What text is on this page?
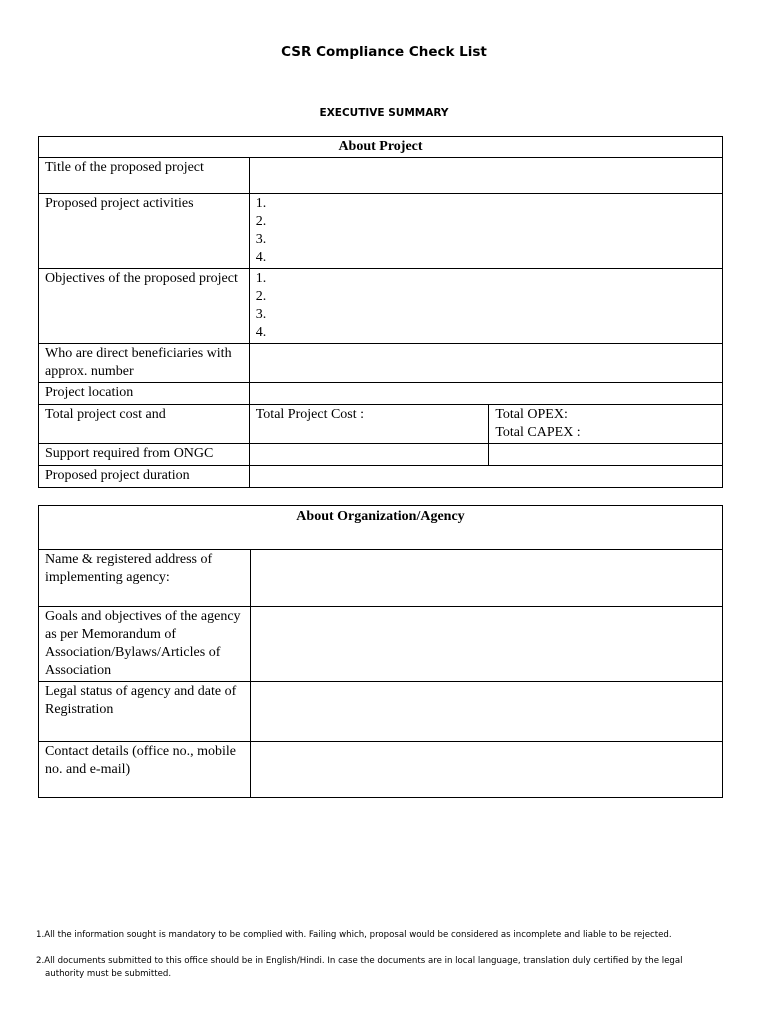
CSR Compliance Check List
EXECUTIVE SUMMARY
About Project		
Title of the proposed project		
Proposed project activities	1.
2.
3.
4.	

Objectives of the proposed project	1.
2.
3.
4.	

Who are direct beneficiaries with approx. number		
Project location		
Total project cost and	Total Project Cost :	Total OPEX:
Total CAPEX :

Support required from ONGC		
Proposed project duration		
About Organization/Agency	
Name & registered address of implementing agency:	
Goals and objectives of the agency as per Memorandum of Association/Bylaws/Articles of Association	
Legal status of agency and date of Registration	
Contact details (office no., mobile no. and e-mail)	

1.All the information sought is mandatory to be complied with. Failing which, proposal would be considered as incomplete and liable to be rejected.

2.All documents submitted to this office should be in English/Hindi. In case the documents are in local language, translation duly certified by the legal
authority must be submitted.
